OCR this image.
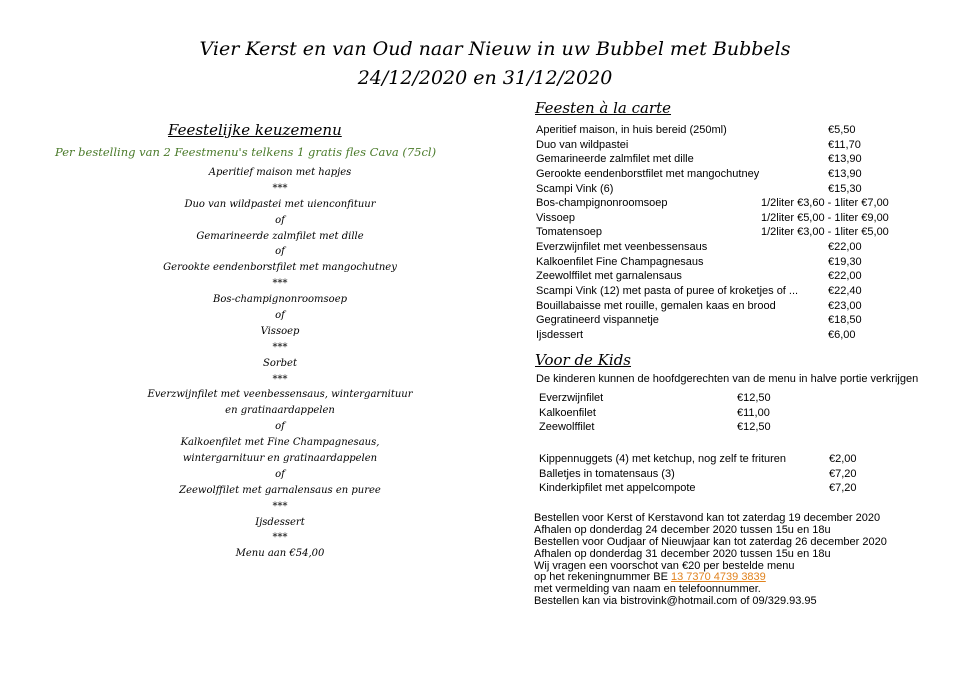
Vier Kerst en van Oud naar Nieuw in uw Bubbel met Bubbels
24/12/2020 en 31/12/2020
Feestelijke keuzemenu
Per bestelling van 2 Feestmenu's telkens 1 gratis fles Cava (75cl)
Aperitief maison met hapjes
***
Duo van wildpastei met uienconfituur
of
Gemarineerde zalmfilet met dille
of
Gerookte eendenborstfilet met mangochutney
***
Bos-champignonroomsoep
of
Vissoep
***
Sorbet
***
Everzwijnfilet met veenbessensaus, wintergarnituur
en gratinaardappelen
of
Kalkoenfilet met Fine Champagnesaus,
wintergarnituur en gratinaardappelen
of
Zeewolffilet met garnalensaus en puree
***
Ijsdessert
***
Menu aan €54,00
Feesten à la carte
Aperitief maison, in huis bereid (250ml)	€5,50
Duo van wildpastei	€11,70
Gemarineerde zalmfilet met dille	€13,90
Gerookte eendenborstfilet met mangochutney	€13,90
Scampi Vink (6)	€15,30
Bos-champignonroomsoep	1/2liter €3,60 - 1liter €7,00
Vissoep	1/2liter €5,00 - 1liter €9,00
Tomatensoep	1/2liter €3,00 - 1liter €5,00
Everzwijnfilet met veenbessensaus	€22,00
Kalkoenfilet Fine Champagnesaus	€19,30
Zeewolffilet met garnalensaus	€22,00
Scampi Vink (12) met pasta of puree of kroketjes of ...	€22,40
Bouillabaisse met rouille, gemalen kaas en brood	€23,00
Gegratineerd vispannetje	€18,50
Ijsdessert	€6,00
Voor de Kids
De kinderen kunnen de hoofdgerechten van de menu in halve portie verkrijgen
Everzwijnfilet	€12,50
Kalkoenfilet	€11,00
Zeewolffilet	€12,50
Kippennuggets (4) met ketchup, nog zelf te frituren	€2,00
Balletjes in tomatensaus (3)	€7,20
Kinderkipfilet met appelcompote	€7,20
Bestellen voor Kerst of Kerstavond kan tot zaterdag 19 december 2020
Afhalen op donderdag 24 december 2020 tussen 15u en 18u
Bestellen voor Oudjaar of Nieuwjaar kan tot zaterdag 26 december 2020
Afhalen op donderdag 31 december 2020 tussen 15u en 18u
Wij vragen een voorschot van €20 per bestelde menu
op het rekeningnummer BE 13 7370 4739 3839
met vermelding van naam en telefoonnummer.
Bestellen kan via bistrovink@hotmail.com of 09/329.93.95
